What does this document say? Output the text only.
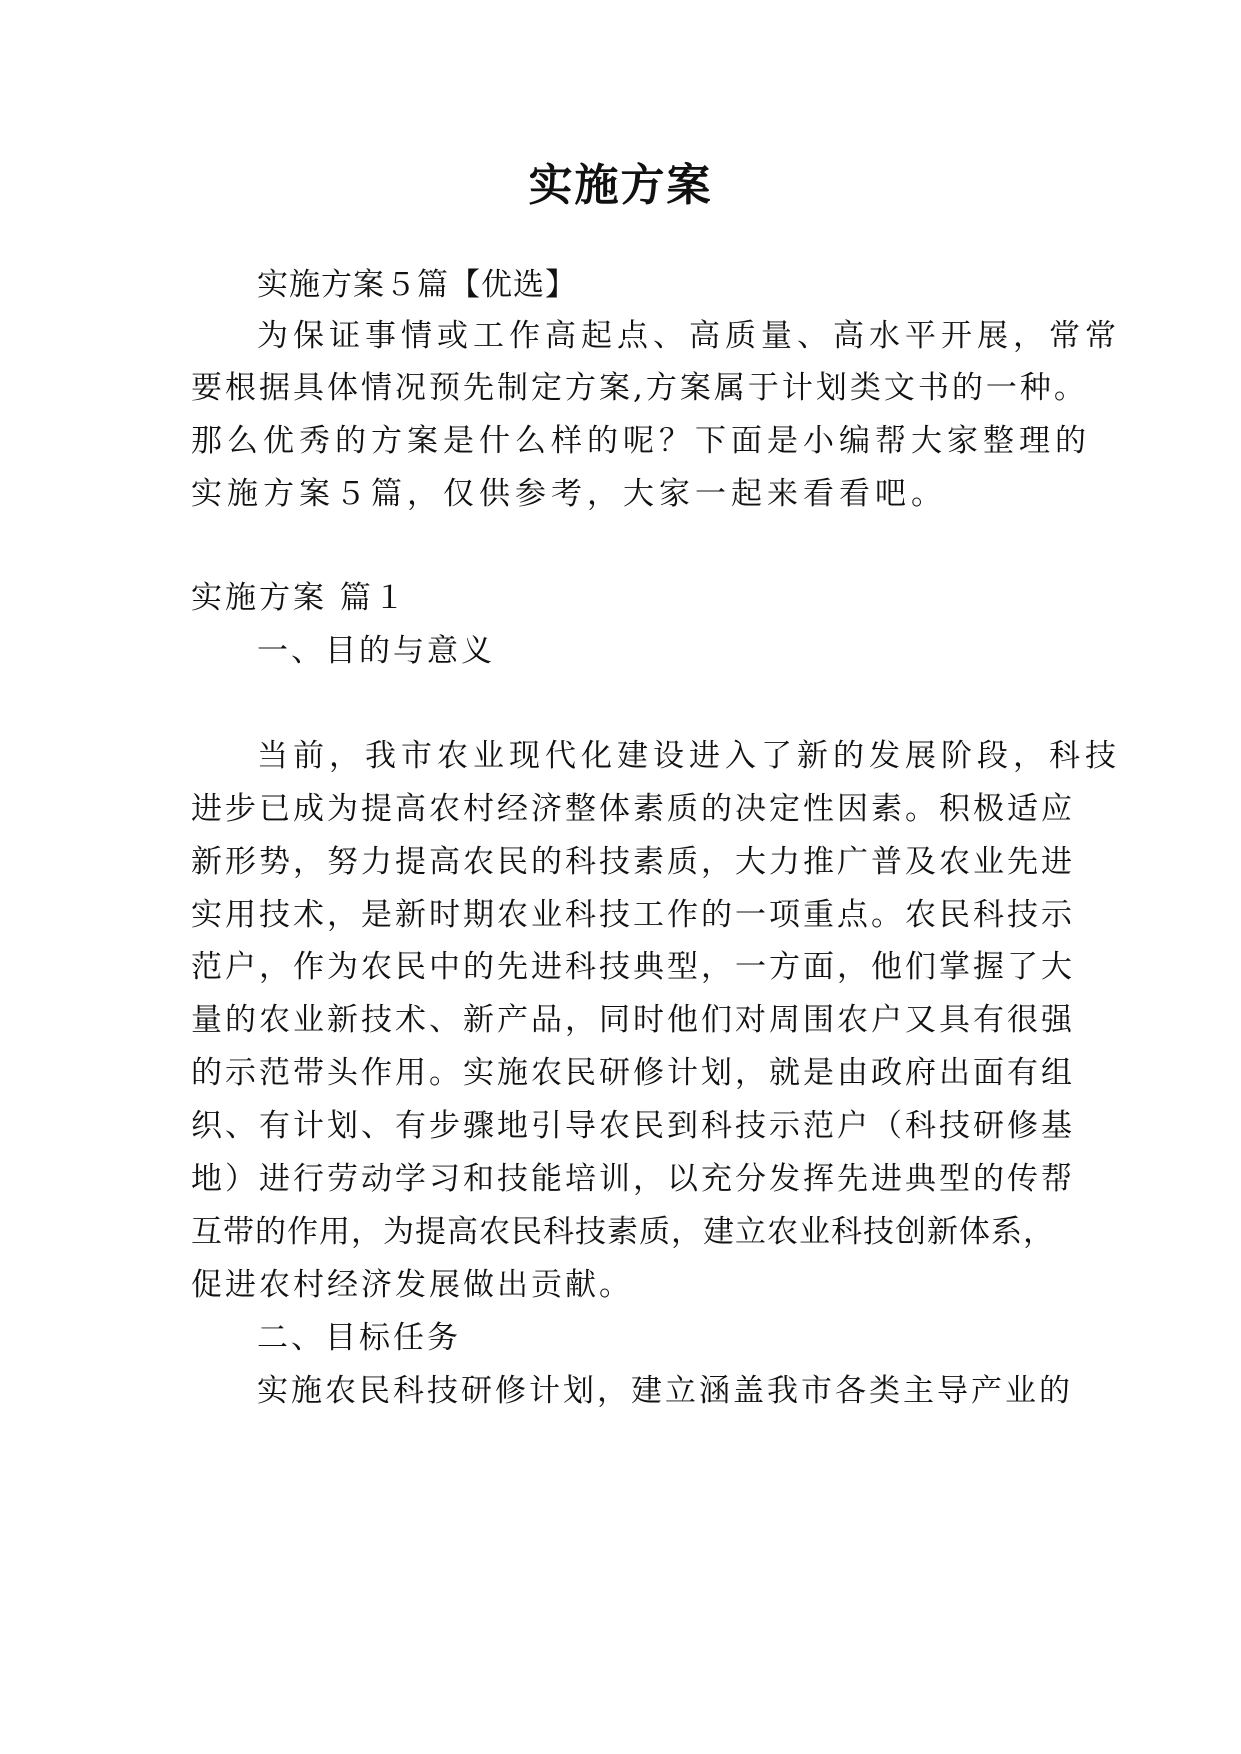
实施方案

实施方案５篇【优选】

为保证事情或工作高起点、高质量、高水平开展，常常

要根据具体情况预先制定方案,方案属于计划类文书的一种。

那么优秀的方案是什么样的呢？下面是小编帮大家整理的

实施方案５篇，仅供参考，大家一起来看看吧。

实施方案 篇１

一、目的与意义

当前，我市农业现代化建设进入了新的发展阶段，科技

进步已成为提高农村经济整体素质的决定性因素。积极适应

新形势，努力提高农民的科技素质，大力推广普及农业先进

实用技术，是新时期农业科技工作的一项重点。农民科技示

范户，作为农民中的先进科技典型，一方面，他们掌握了大

量的农业新技术、新产品，同时他们对周围农户又具有很强

的示范带头作用。实施农民研修计划，就是由政府出面有组

织、有计划、有步骤地引导农民到科技示范户（科技研修基

地）进行劳动学习和技能培训，以充分发挥先进典型的传帮

互带的作用，为提高农民科技素质，建立农业科技创新体系，

促进农村经济发展做出贡献。

二、目标任务

实施农民科技研修计划，建立涵盖我市各类主导产业的
